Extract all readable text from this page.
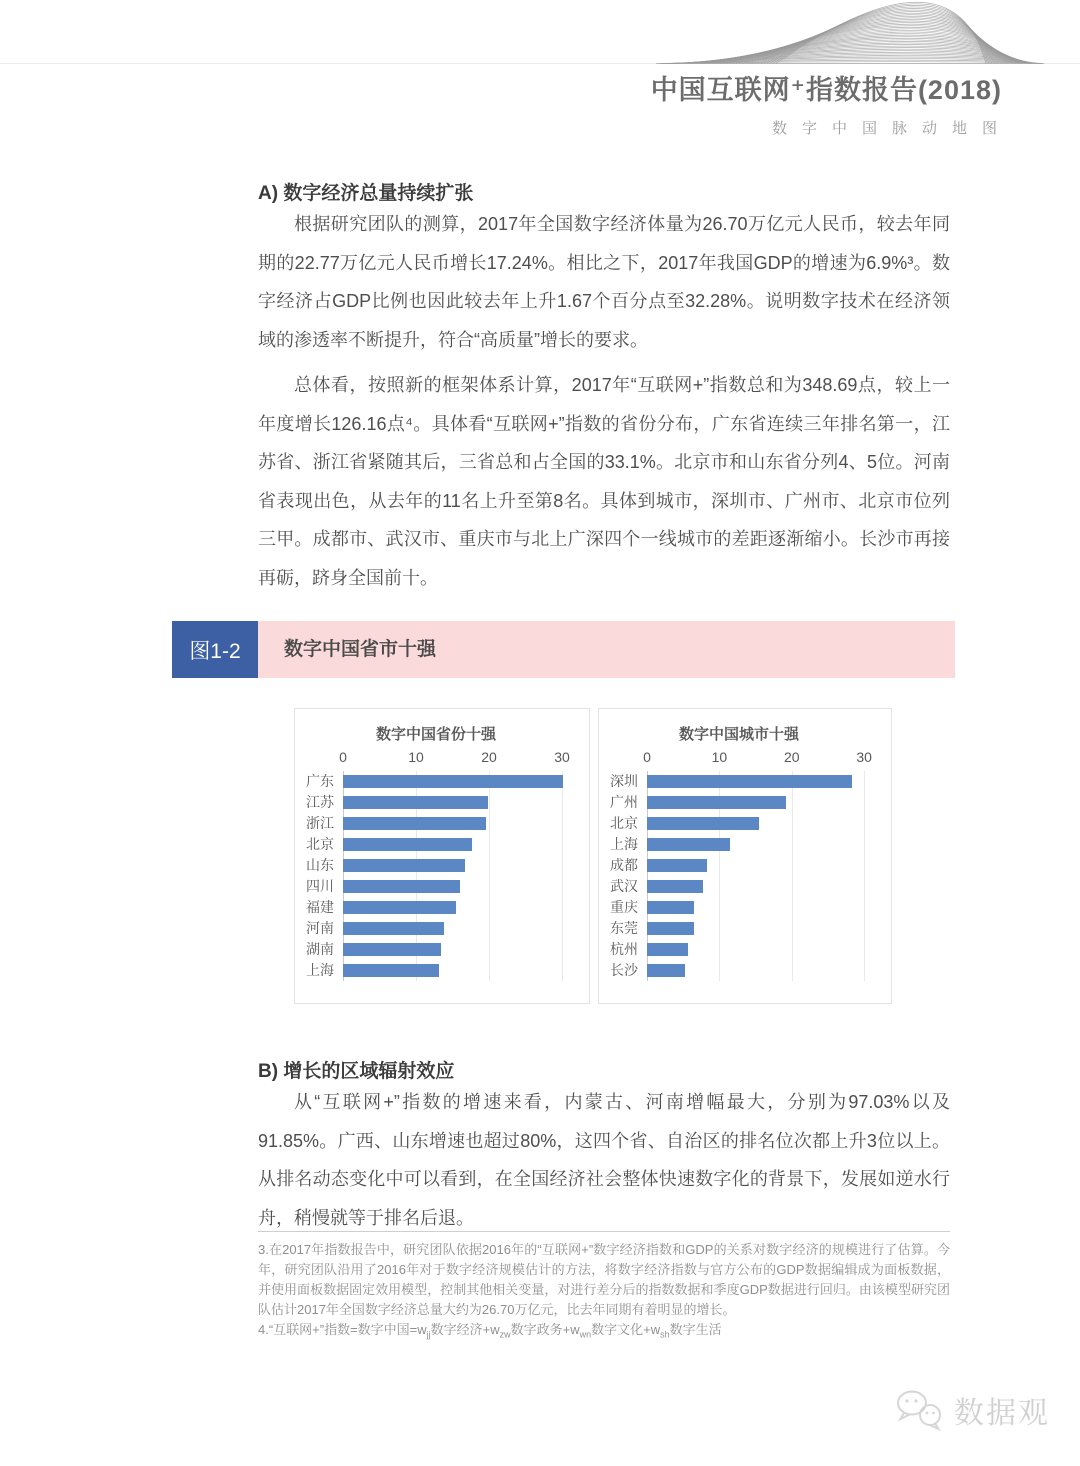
中国互联网⁺指数报告(2018)
数字中国脉动地图
A) 数字经济总量持续扩张

根据研究团队的测算，2017年全国数字经济体量为26.70万亿元人民币，较去年同期的22.77万亿元人民币增长17.24%。相比之下，2017年我国GDP的增速为6.9%³。数字经济占GDP比例也因此较去年上升1.67个百分点至32.28%。说明数字技术在经济领域的渗透率不断提升，符合“高质量”增长的要求。

总体看，按照新的框架体系计算，2017年“互联网+”指数总和为348.69点，较上一年度增长126.16点⁴。具体看“互联网+”指数的省份分布，广东省连续三年排名第一，江苏省、浙江省紧随其后，三省总和占全国的33.1%。北京市和山东省分列4、5位。河南省表现出色，从去年的11名上升至第8名。具体到城市，深圳市、广州市、北京市位列三甲。成都市、武汉市、重庆市与北上广深四个一线城市的差距逐渐缩小。长沙市再接再砺，跻身全国前十。

图1-2	数字中国省市十强
数字中国省份十强
0	10	20	30
广东
江苏
浙江
北京
山东
四川
福建
河南
湖南
上海
数字中国城市十强
0	10	20	30
深圳
广州
北京
上海
成都
武汉
重庆
东莞
杭州
长沙
B) 增长的区域辐射效应

从“互联网+”指数的增速来看，内蒙古、河南增幅最大，分别为97.03%以及91.85%。广西、山东增速也超过80%，这四个省、自治区的排名位次都上升3位以上。从排名动态变化中可以看到，在全国经济社会整体快速数字化的背景下，发展如逆水行舟，稍慢就等于排名后退。

3.在2017年指数报告中，研究团队依据2016年的“互联网+”数字经济指数和GDP的关系对数字经济的规模进行了估算。今年，研究团队沿用了2016年对于数字经济规模估计的方法，将数字经济指数与官方公布的GDP数据编辑成为面板数据，并使用面板数据固定效用模型，控制其他相关变量，对进行差分后的指数数据和季度GDP数据进行回归。由该模型研究团队估计2017年全国数字经济总量大约为26.70万亿元，比去年同期有着明显的增长。

4.“互联网+”指数=数字中国$=w_{jj}$数字经济$+w_{zw}$数字政务$+w_{wn}$数字文化$+w_{sh}$数字生活

数据观
